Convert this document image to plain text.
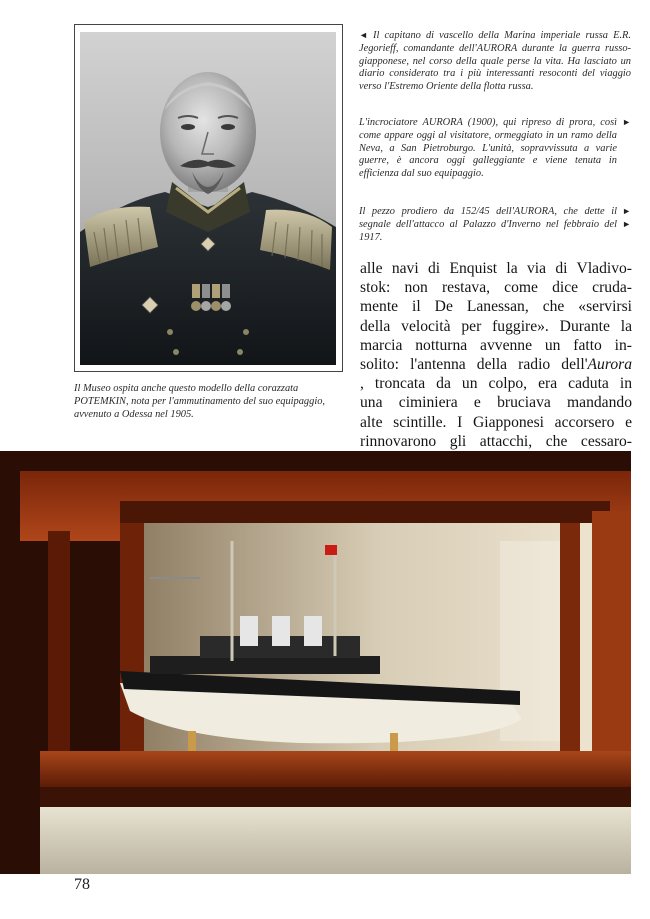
◄ Il capitano di vascello della Marina imperiale russa E.R. Jegorieff, comandante dell'AURORA durante la guerra russo-giapponese, nel corso della quale perse la vita. Ha lasciato un diario considerato tra i più interessanti resoconti del viaggio verso l'Estremo Oriente della flotta russa.

►

L'incrociatore AURORA (1900), qui ripreso di prora, così come appare oggi al visitatore, ormeggiato in un ramo della Neva, a San Pietroburgo. L'unità, sopravvissuta a varie guerre, è ancora oggi galleggiante e viene tenuta in efficienza dal suo equipaggio.

►
►

Il pezzo prodiero da 152/45 dell'AURORA, che dette il segnale dell'attacco al Palazzo d'Inverno nel febbraio del 1917.

alle navi di Enquist la via di Vladivo-
stok: non restava, come dice cruda-
mente il De Lanessan, che «servirsi
della velocità per fuggire». Durante la
marcia notturna avvenne un fatto in-
solito: l'antenna della radio dell'Aurora
, troncata da un colpo, era caduta in
una ciminiera e bruciava mandando
alte scintille. I Giapponesi accorsero e
rinnovarono gli attacchi, che cessaro-

Il Museo ospita anche questo modello della corazzata POTEMKIN, nota per l'ammutinamento del suo equipaggio, avvenuto a Odessa nel 1905.

78
